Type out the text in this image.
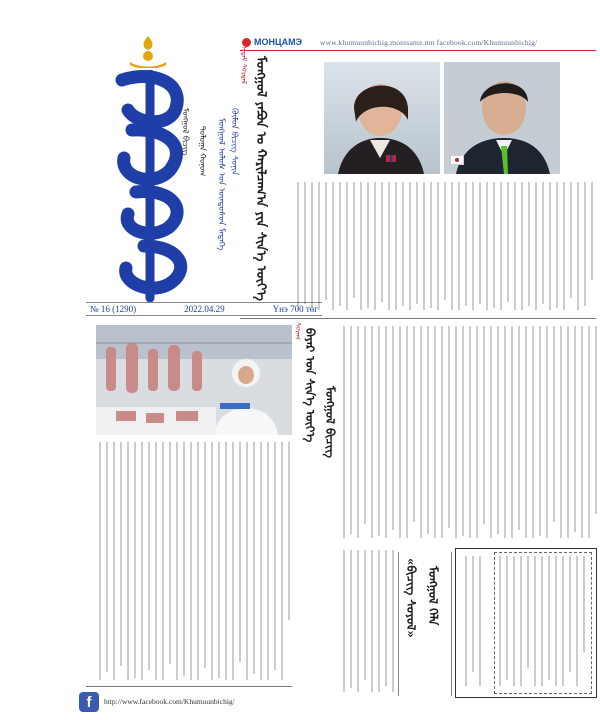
МОНЦАМЭ www.khumuunbichig.montsame.mn facebook.com/Khumuunbichig/
ᠮᠣᠩᠭᠣᠯ ᠪᠢᠴᠢᠭ ᠳᠣᠯᠣᠭᠠ ᠬᠣᠨᠣᠭ ᠮᠣᠩᠭᠣᠯ ᠤᠯᠤᠰ ᠤᠨ ᠦᠨᠳᠦᠰᠦᠨ ᠮᠡᠳᠡᠭᠡ ᠬᠦᠮᠦᠨ ᠪᠢᠴᠢᠭ ᠰᠣᠨᠢᠨ
№ 16 (1290)	2022.04.29	Үнэ 700 төг
ᠡᠷᠳᠡᠮ ᠰᠤᠷᠲᠠᠯ ᠮᠣᠩᠭᠣᠯ ᠶᠠᠫᠣᠨ ᠤ ᠬᠠᠷᠢᠯᠴᠠᠭ᠎ᠠ ᠶᠢᠨ ᠰᠢᠨ᠎ᠡ ᠦᠶ᠎ᠡ
ᠰᠤᠷᠠᠭ ᠪᠠᠶᠠᠷ ᠤᠨ ᠰᠢᠨ᠎ᠡ ᠦᠶ᠎ᠡ ᠮᠣᠩᠭᠣᠯ ᠪᠢᠴᠢᠭ
«ᠪᠢᠴᠢᠭ ᠰᠣᠶᠣᠯ» ᠮᠣᠩᠭᠣᠯ ᠬᠡᠯᠡ
f	http://www.facebook.com/Khumuunbichig/
